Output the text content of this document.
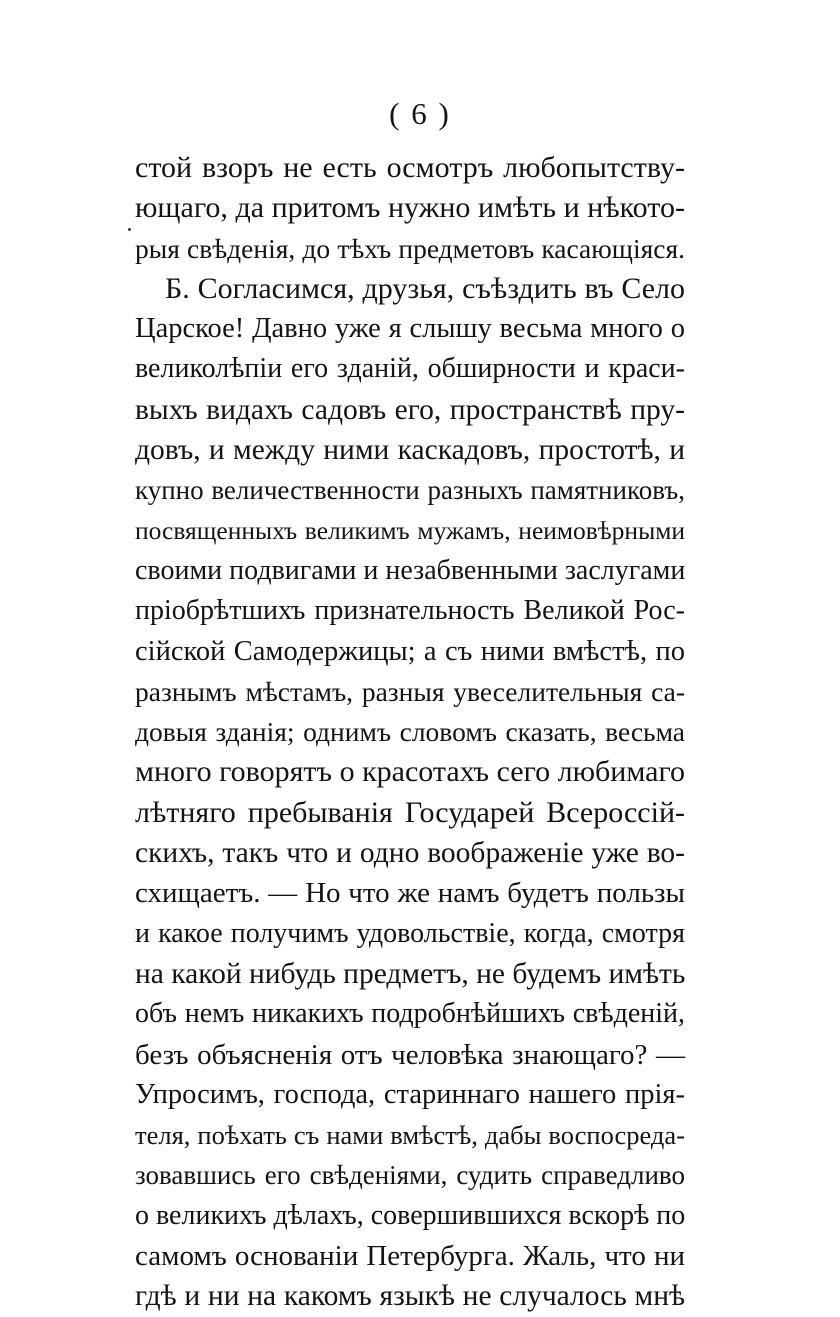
( 6 )
стой взоръ не есть осмотръ любопытству-
ющаго, да притомъ нужно имѣть и нѣкото-
рыя свѣденія, до тѣхъ предметовъ касающіяся.
Б. Согласимся, друзья, съѣздить въ Село
Царское! Давно уже я слышу весьма много о
великолѣпіи его зданій, обширности и краси-
выхъ видахъ садовъ его, пространствѣ пру-
довъ, и между ними каскадовъ, простотѣ, и
купно величественности разныхъ памятниковъ,
посвященныхъ великимъ мужамъ, неимовѣрными
своими подвигами и незабвенными заслугами
пріобрѣтшихъ признательность Великой Рос-
сійской Самодержицы; а съ ними вмѣстѣ, по
разнымъ мѣстамъ, разныя увеселительныя са-
довыя зданія; однимъ словомъ сказать, весьма
много говорятъ о красотахъ сего любимаго
лѣтняго пребыванія Государей Всероссій-
скихъ, такъ что и одно воображеніе уже во-
схищаетъ. — Но что же намъ будетъ пользы
и какое получимъ удовольствіе, когда, смотря
на какой нибудь предметъ, не будемъ имѣть
объ немъ никакихъ подробнѣйшихъ свѣденій,
безъ объясненія отъ человѣка знающаго? —
Упросимъ, господа, стариннаго нашего прія-
теля, поѣхать съ нами вмѣстѣ, дабы воспосреда-
зовавшись его свѣденіями, судить справедливо
о великихъ дѣлахъ, совершившихся вскорѣ по
самомъ основаніи Петербурга. Жаль, что ни
гдѣ и ни на какомъ языкѣ не случалось мнѣ
